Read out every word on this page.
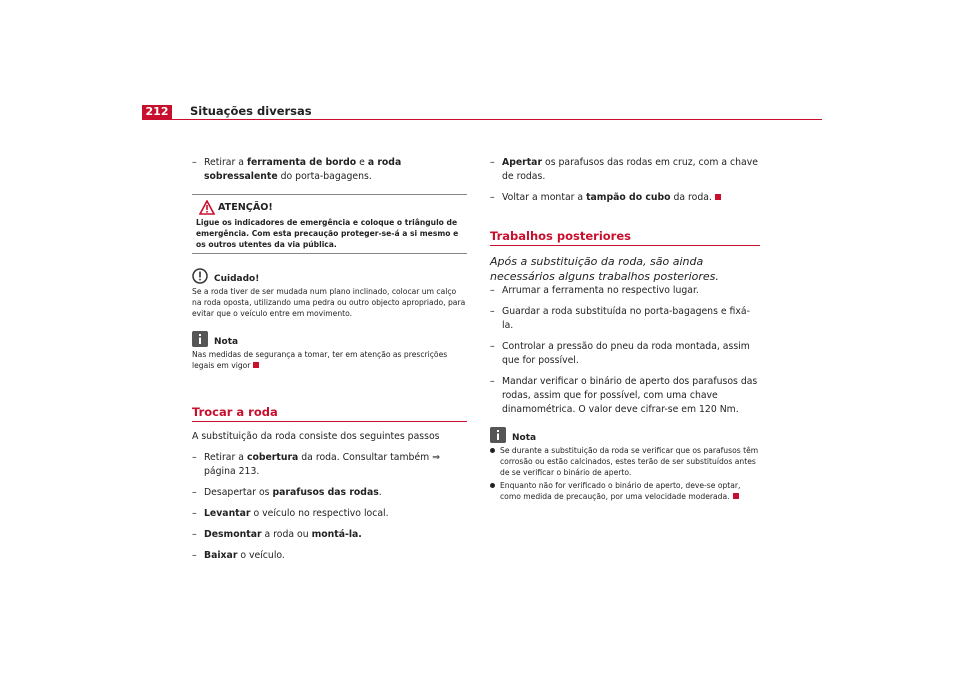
212	Situações diversas
– Retirar a ferramenta de bordo e a roda sobressalente do porta-bagagens.
ATENÇÃO!
Ligue os indicadores de emergência e coloque o triângulo de emergência. Com esta precaução proteger-se-á a si mesmo e os outros utentes da via pública.
Cuidado!

Se a roda tiver de ser mudada num plano inclinado, colocar um calço na roda oposta, utilizando uma pedra ou outro objecto apropriado, para evitar que o veículo entre em movimento.

Nota

Nas medidas de segurança a tomar, ter em atenção as prescrições legais em vigor

Trocar a roda

A substituição da roda consiste dos seguintes passos

– Retirar a cobertura da roda. Consultar também ⇒ página 213.
– Desapertar os parafusos das rodas.
– Levantar o veículo no respectivo local.
– Desmontar a roda ou montá-la.
– Baixar o veículo.
– Apertar os parafusos das rodas em cruz, com a chave de rodas.
– Voltar a montar a tampão do cubo da roda.
Trabalhos posteriores

Após a substituição da roda, são ainda necessários alguns trabalhos posteriores.

– Arrumar a ferramenta no respectivo lugar.
– Guardar a roda substituída no porta-bagagens e fixá-la.
– Controlar a pressão do pneu da roda montada, assim que for possível.
– Mandar verificar o binário de aperto dos parafusos das rodas, assim que for possível, com uma chave dinamométrica. O valor deve cifrar-se em 120 Nm.
Nota
Se durante a substituição da roda se verificar que os parafusos têm corrosão ou estão calcinados, estes terão de ser substituídos antes de se verificar o binário de aperto.
Enquanto não for verificado o binário de aperto, deve-se optar, como medida de precaução, por uma velocidade moderada.
